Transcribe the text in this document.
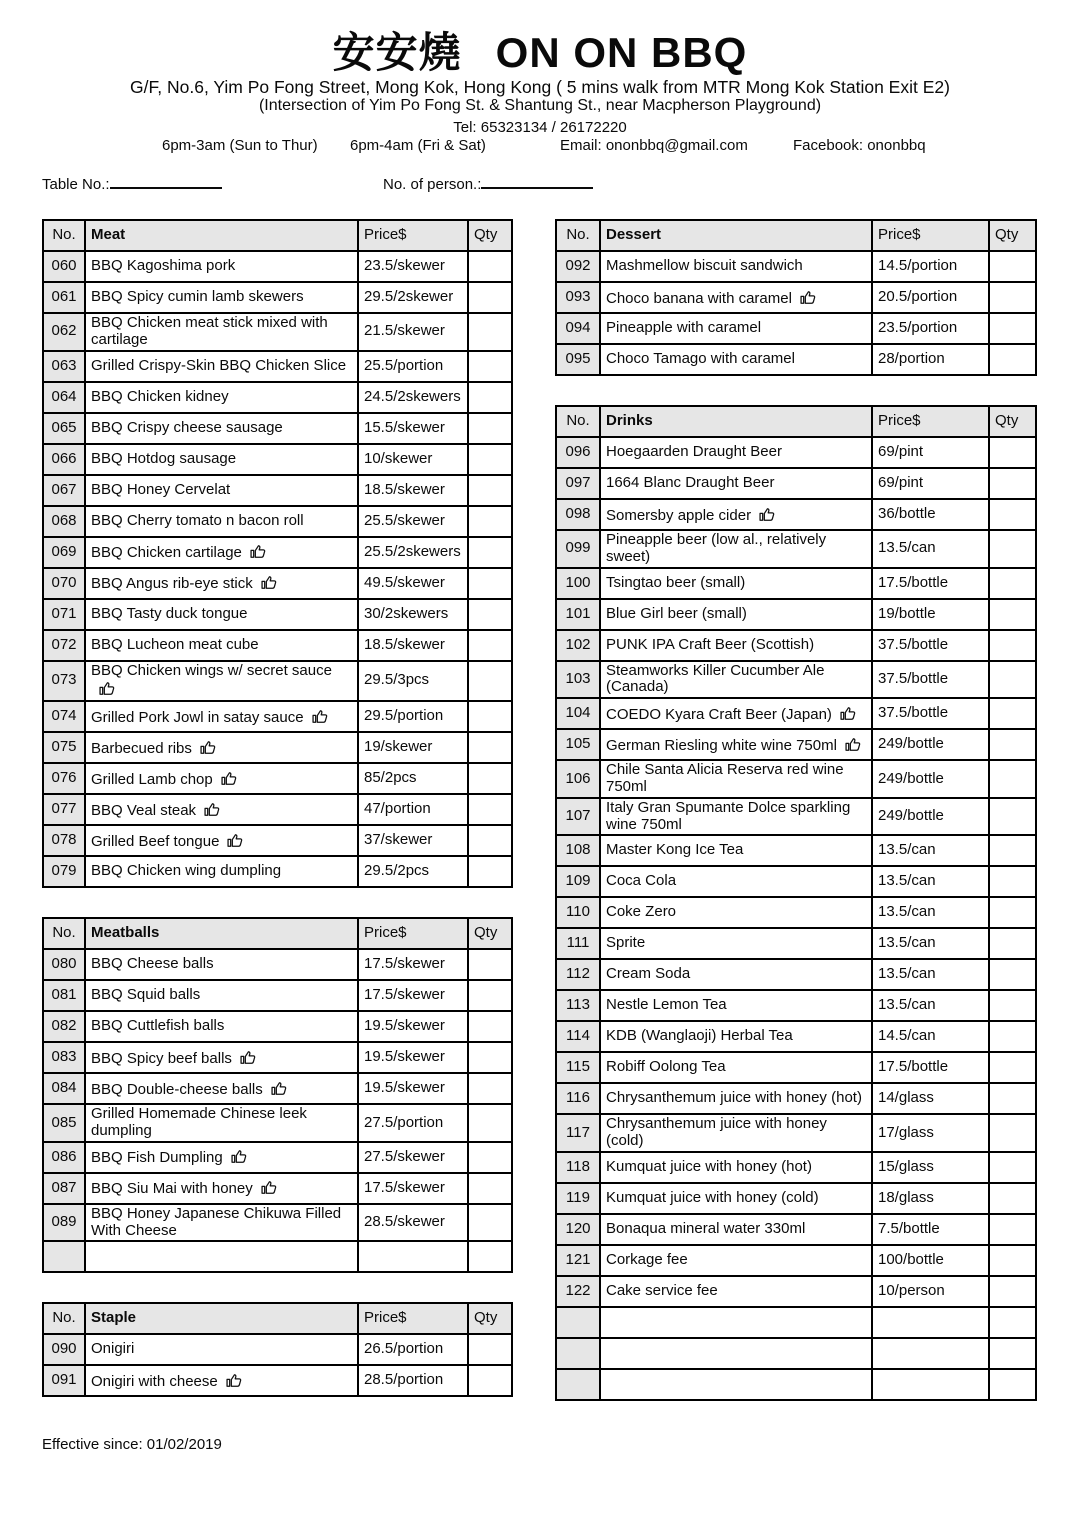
安安燒 ON ON BBQ
G/F, No.6, Yim Po Fong Street, Mong Kok, Hong Kong ( 5 mins walk from MTR Mong Kok Station Exit E2)
(Intersection of Yim Po Fong St. & Shantung St., near Macpherson Playground)
Tel: 65323134 / 26172220
6pm-3am (Sun to Thur) 6pm-4am (Fri & Sat)	Email: ononbbq@gmail.com	Facebook: ononbbq
Table No.:	No. of person.:
No.	Meat	Price$	Qty
060	BBQ Kagoshima pork	23.5/skewer	
061	BBQ Spicy cumin lamb skewers	29.5/2skewer	
062	BBQ Chicken meat stick mixed with cartilage	21.5/skewer	
063	Grilled Crispy-Skin BBQ Chicken Slice	25.5/portion	
064	BBQ Chicken kidney	24.5/2skewers	
065	BBQ Crispy cheese sausage	15.5/skewer	
066	BBQ Hotdog sausage	10/skewer	
067	BBQ Honey Cervelat	18.5/skewer	
068	BBQ Cherry tomato n bacon roll	25.5/skewer	
069	BBQ Chicken cartilage	25.5/2skewers	
070	BBQ Angus rib-eye stick	49.5/skewer	
071	BBQ Tasty duck tongue	30/2skewers	
072	BBQ Lucheon meat cube	18.5/skewer	
073	BBQ Chicken wings w/ secret sauce	29.5/3pcs	
074	Grilled Pork Jowl in satay sauce	29.5/portion	
075	Barbecued ribs	19/skewer	
076	Grilled Lamb chop	85/2pcs	
077	BBQ Veal steak	47/portion	
078	Grilled Beef tongue	37/skewer	
079	BBQ Chicken wing dumpling	29.5/2pcs	
No.	Meatballs	Price$	Qty
080	BBQ Cheese balls	17.5/skewer	
081	BBQ Squid balls	17.5/skewer	
082	BBQ Cuttlefish balls	19.5/skewer	
083	BBQ Spicy beef balls	19.5/skewer	
084	BBQ Double-cheese balls	19.5/skewer	
085	Grilled Homemade Chinese leek dumpling	27.5/portion	
086	BBQ Fish Dumpling	27.5/skewer	
087	BBQ Siu Mai with honey	17.5/skewer	
089	BBQ Honey Japanese Chikuwa Filled With Cheese	28.5/skewer	

No.	Staple	Price$	Qty
090	Onigiri	26.5/portion	
091	Onigiri with cheese	28.5/portion	
No.	Dessert	Price$	Qty
092	Mashmellow biscuit sandwich	14.5/portion	
093	Choco banana with caramel	20.5/portion	
094	Pineapple with caramel	23.5/portion	
095	Choco Tamago with caramel	28/portion	
No.	Drinks	Price$	Qty
096	Hoegaarden Draught Beer	69/pint	
097	1664 Blanc Draught Beer	69/pint	
098	Somersby apple cider	36/bottle	
099	Pineapple beer (low al., relatively sweet)	13.5/can	
100	Tsingtao beer (small)	17.5/bottle	
101	Blue Girl beer (small)	19/bottle	
102	PUNK IPA Craft Beer (Scottish)	37.5/bottle	
103	Steamworks Killer Cucumber Ale (Canada)	37.5/bottle	
104	COEDO Kyara Craft Beer (Japan)	37.5/bottle	
105	German Riesling white wine 750ml	249/bottle	
106	Chile Santa Alicia Reserva red wine 750ml	249/bottle	
107	Italy Gran Spumante Dolce sparkling wine 750ml	249/bottle	
108	Master Kong Ice Tea	13.5/can	
109	Coca Cola	13.5/can	
110	Coke Zero	13.5/can	
111	Sprite	13.5/can	
112	Cream Soda	13.5/can	
113	Nestle Lemon Tea	13.5/can	
114	KDB (Wanglaoji) Herbal Tea	14.5/can	
115	Robiff Oolong Tea	17.5/bottle	
116	Chrysanthemum juice with honey (hot)	14/glass	
117	Chrysanthemum juice with honey (cold)	17/glass	
118	Kumquat juice with honey (hot)	15/glass	
119	Kumquat juice with honey (cold)	18/glass	
120	Bonaqua mineral water 330ml	7.5/bottle	
121	Corkage fee	100/bottle	
122	Cake service fee	10/person	

Effective since: 01/02/2019
